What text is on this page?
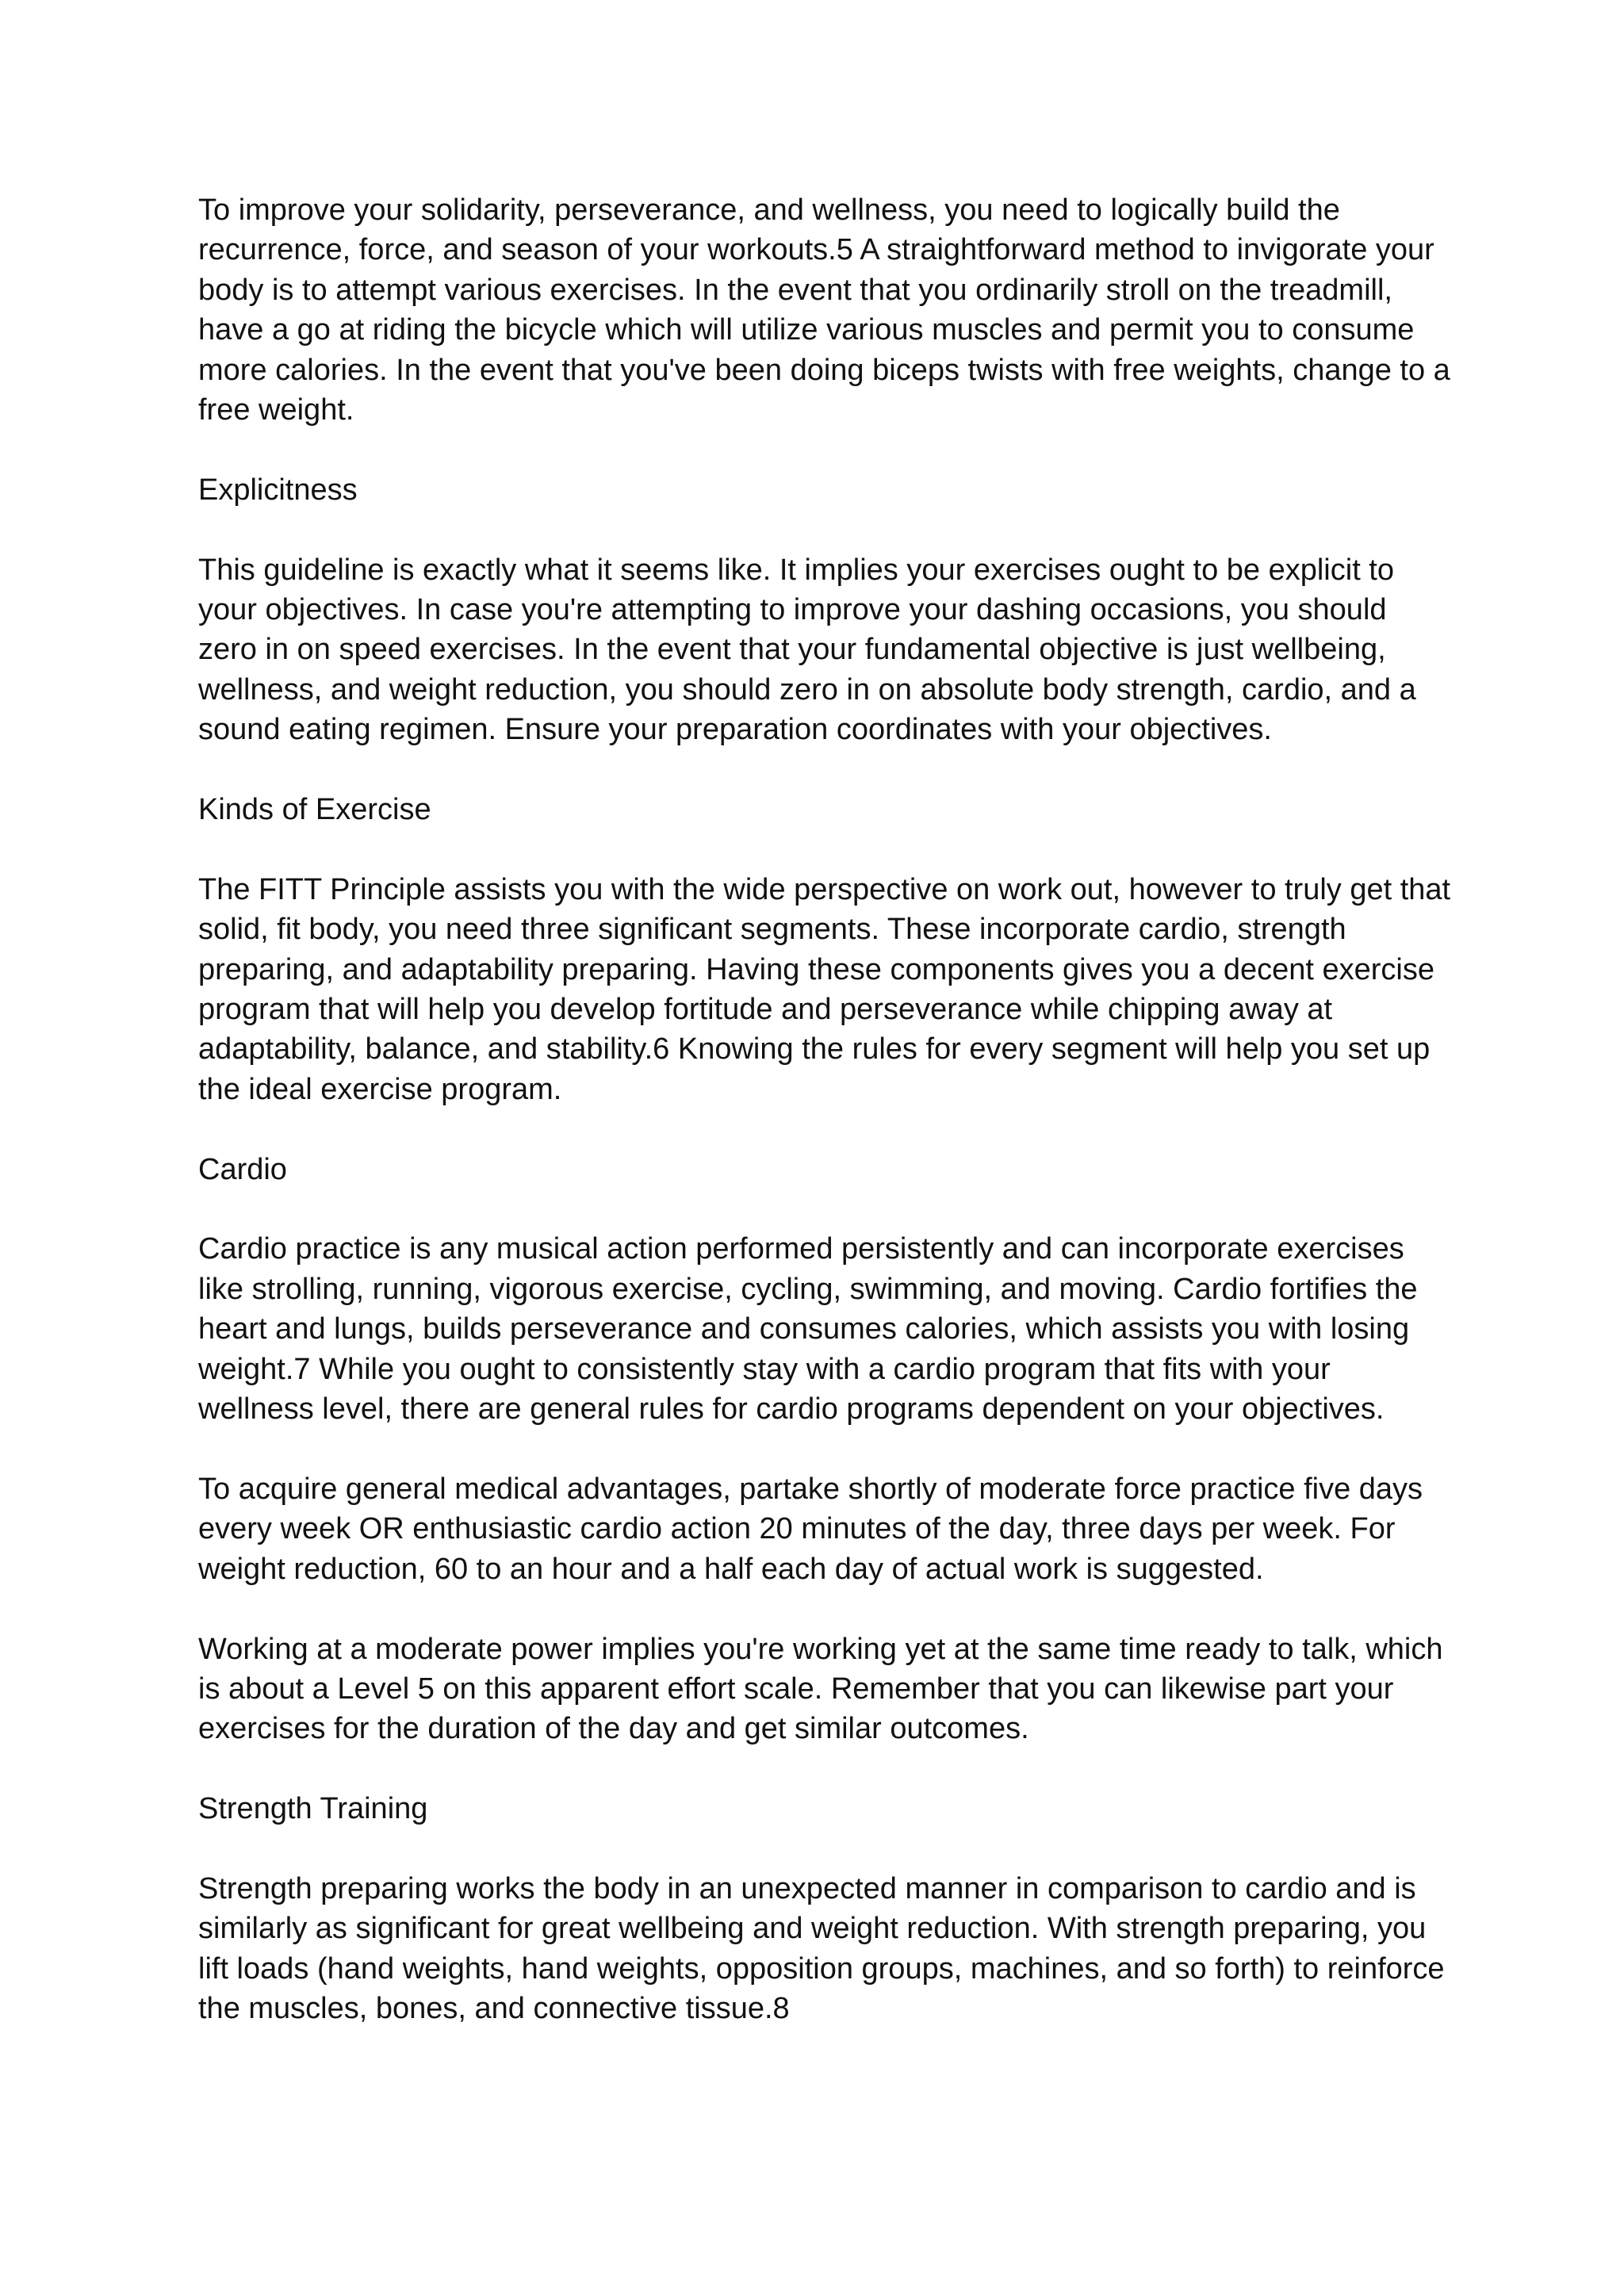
To improve your solidarity, perseverance, and wellness, you need to logically build the recurrence, force, and season of your workouts.5 A straightforward method to invigorate your body is to attempt various exercises. In the event that you ordinarily stroll on the treadmill, have a go at riding the bicycle which will utilize various muscles and permit you to consume more calories. In the event that you've been doing biceps twists with free weights, change to a free weight.

Explicitness

This guideline is exactly what it seems like. It implies your exercises ought to be explicit to your objectives. In case you're attempting to improve your dashing occasions, you should zero in on speed exercises. In the event that your fundamental objective is just wellbeing, wellness, and weight reduction, you should zero in on absolute body strength, cardio, and a sound eating regimen. Ensure your preparation coordinates with your objectives.

Kinds of Exercise

The FITT Principle assists you with the wide perspective on work out, however to truly get that solid, fit body, you need three significant segments. These incorporate cardio, strength preparing, and adaptability preparing. Having these components gives you a decent exercise program that will help you develop fortitude and perseverance while chipping away at adaptability, balance, and stability.6 Knowing the rules for every segment will help you set up the ideal exercise program.

Cardio

Cardio practice is any musical action performed persistently and can incorporate exercises like strolling, running, vigorous exercise, cycling, swimming, and moving. Cardio fortifies the heart and lungs, builds perseverance and consumes calories, which assists you with losing weight.7 While you ought to consistently stay with a cardio program that fits with your wellness level, there are general rules for cardio programs dependent on your objectives.

To acquire general medical advantages, partake shortly of moderate force practice five days every week OR enthusiastic cardio action 20 minutes of the day, three days per week. For weight reduction, 60 to an hour and a half each day of actual work is suggested.

Working at a moderate power implies you're working yet at the same time ready to talk, which is about a Level 5 on this apparent effort scale. Remember that you can likewise part your exercises for the duration of the day and get similar outcomes.

Strength Training

Strength preparing works the body in an unexpected manner in comparison to cardio and is similarly as significant for great wellbeing and weight reduction. With strength preparing, you lift loads (hand weights, hand weights, opposition groups, machines, and so forth) to reinforce the muscles, bones, and connective tissue.8
